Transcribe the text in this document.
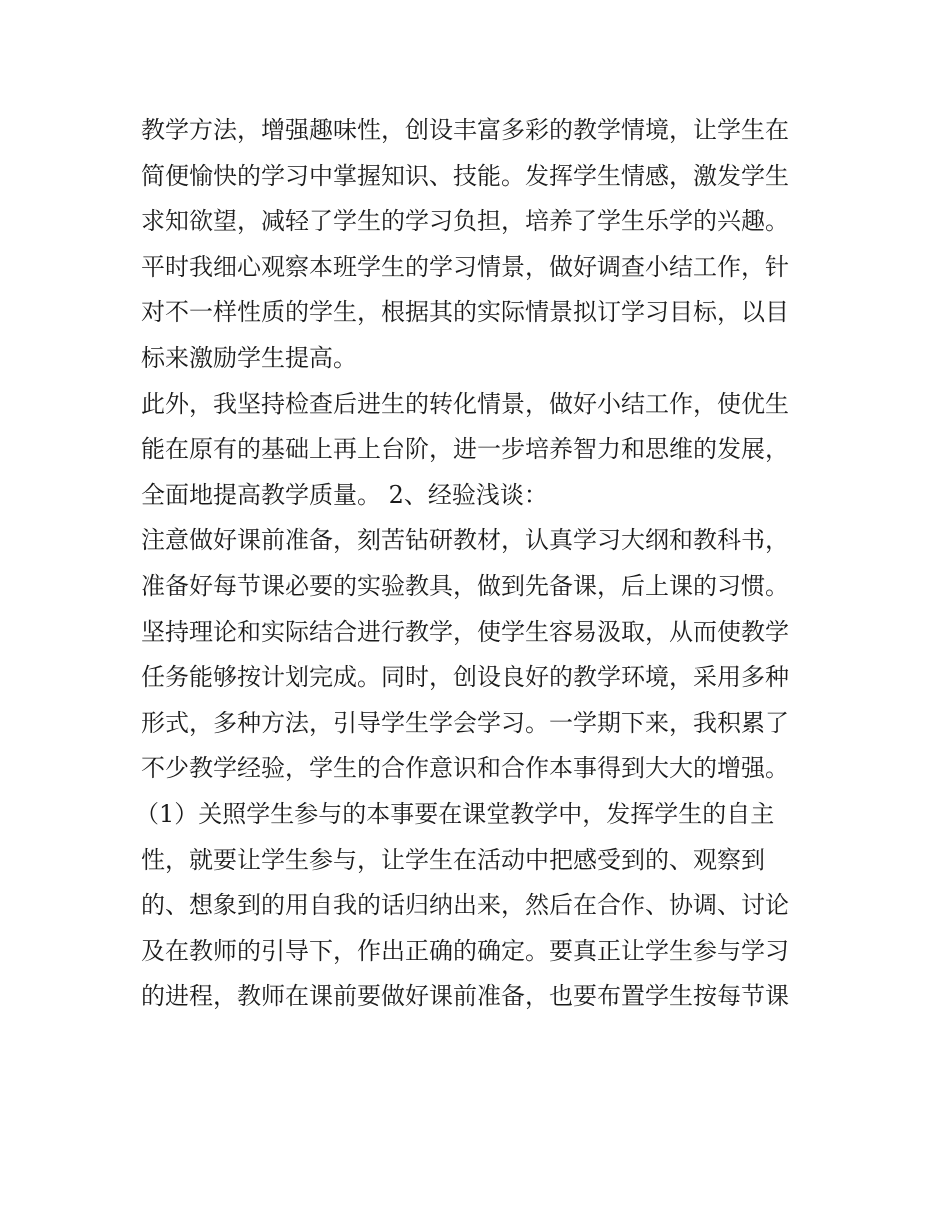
教学方法，增强趣味性，创设丰富多彩的教学情境，让学生在
简便愉快的学习中掌握知识、技能。发挥学生情感，激发学生
求知欲望，减轻了学生的学习负担，培养了学生乐学的兴趣。
平时我细心观察本班学生的学习情景，做好调查小结工作，针
对不一样性质的学生，根据其的实际情景拟订学习目标，以目
标来激励学生提高。
此外，我坚持检查后进生的转化情景，做好小结工作，使优生
能在原有的基础上再上台阶，进一步培养智力和思维的发展，
全面地提高教学质量。 2、经验浅谈：
注意做好课前准备，刻苦钻研教材，认真学习大纲和教科书，
准备好每节课必要的实验教具，做到先备课，后上课的习惯。
坚持理论和实际结合进行教学，使学生容易汲取，从而使教学
任务能够按计划完成。同时，创设良好的教学环境，采用多种
形式，多种方法，引导学生学会学习。一学期下来，我积累了
不少教学经验，学生的合作意识和合作本事得到大大的增强。
（1）关照学生参与的本事要在课堂教学中，发挥学生的自主
性，就要让学生参与，让学生在活动中把感受到的、观察到
的、想象到的用自我的话归纳出来，然后在合作、协调、讨论
及在教师的引导下，作出正确的确定。要真正让学生参与学习
的进程，教师在课前要做好课前准备，也要布置学生按每节课
